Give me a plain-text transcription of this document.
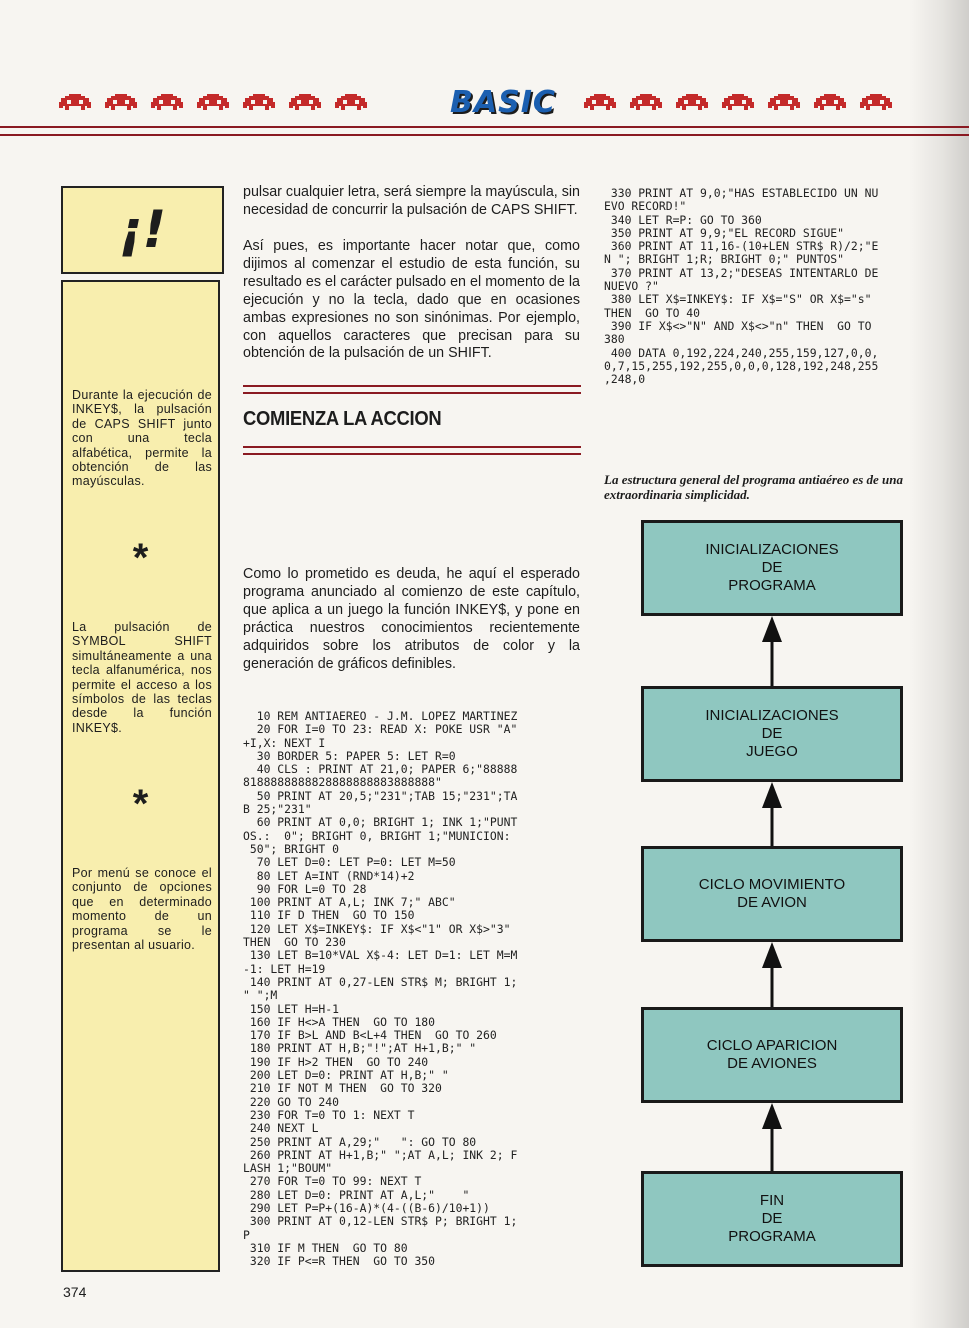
BASIC
¡!
Durante la ejecución de INKEY$, la pulsación de CAPS SHIFT junto con una tecla alfabética, permite la obtención de las mayúsculas.
*
La pulsación de SYMBOL SHIFT simultáneamente a una tecla alfanumérica, nos permite el acceso a los símbolos de las teclas desde la función INKEY$.
*
Por menú se conoce el conjunto de opciones que en determinado momento de un programa se le presentan al usuario.
pulsar cualquier letra, será siempre la mayúscula, sin necesidad de concurrir la pulsación de CAPS SHIFT.
Así pues, es importante hacer notar que, como dijimos al comenzar el estudio de esta función, su resultado es el carácter pulsado en el momento de la ejecución y no la tecla, dado que en ocasiones ambas expresiones no son sinónimas. Por ejemplo, con aquellos caracteres que precisan para su obtención de la pulsación de un SHIFT.
COMIENZA LA ACCION
Como lo prometido es deuda, he aquí el esperado programa anunciado al comienzo de este capítulo, que aplica a un juego la función INKEY$, y pone en práctica nuestros conocimientos recientemente adquiridos sobre los atributos de color y la generación de gráficos definibles.
10 REM ANTIAEREO - J.M. LOPEZ MARTINEZ
20 FOR I=0 TO 23: READ X: POKE USR "A"
+I,X: NEXT I
30 BORDER 5: PAPER 5: LET R=0
40 CLS : PRINT AT 21,0; PAPER 6;"88888
8188888888828888888883888888"
50 PRINT AT 20,5;"231";TAB 15;"231";TA
B 25;"231"
60 PRINT AT 0,0; BRIGHT 1; INK 1;"PUNT
OS.:  0"; BRIGHT 0, BRIGHT 1;"MUNICION:
50"; BRIGHT 0
70 LET D=0: LET P=0: LET M=50
80 LET A=INT (RND*14)+2
90 FOR L=0 TO 28
100 PRINT AT A,L; INK 7;" ABC"
110 IF D THEN  GO TO 150
120 LET X$=INKEY$: IF X$<"1" OR X$>"3"
THEN  GO TO 230
130 LET B=10*VAL X$-4: LET D=1: LET M=M
-1: LET H=19
140 PRINT AT 0,27-LEN STR$ M; BRIGHT 1;
" ";M
150 LET H=H-1
160 IF H<>A THEN  GO TO 180
170 IF B>L AND B<L+4 THEN  GO TO 260
180 PRINT AT H,B;"!";AT H+1,B;" "
190 IF H>2 THEN  GO TO 240
200 LET D=0: PRINT AT H,B;" "
210 IF NOT M THEN  GO TO 320
220 GO TO 240
230 FOR T=0 TO 1: NEXT T
240 NEXT L
250 PRINT AT A,29;"   ": GO TO 80
260 PRINT AT H+1,B;" ";AT A,L; INK 2; F
LASH 1;"BOUM"
270 FOR T=0 TO 99: NEXT T
280 LET D=0: PRINT AT A,L;"    "
290 LET P=P+(16-A)*(4-((B-6)/10+1))
300 PRINT AT 0,12-LEN STR$ P; BRIGHT 1;
P
310 IF M THEN  GO TO 80
320 IF P<=R THEN  GO TO 350
330 PRINT AT 9,0;"HAS ESTABLECIDO UN NU
EVO RECORD!"
340 LET R=P: GO TO 360
350 PRINT AT 9,9;"EL RECORD SIGUE"
360 PRINT AT 11,16-(10+LEN STR$ R)/2;"E
N "; BRIGHT 1;R; BRIGHT 0;" PUNTOS"
370 PRINT AT 13,2;"DESEAS INTENTARLO DE
NUEVO ?"
380 LET X$=INKEY$: IF X$="S" OR X$="s"
THEN  GO TO 40
390 IF X$<>"N" AND X$<>"n" THEN  GO TO
380
400 DATA 0,192,224,240,255,159,127,0,0,
0,7,15,255,192,255,0,0,0,128,192,248,255
,248,0
La estructura general del programa antiaéreo es de una extraordinaria simplicidad.
INICIALIZACIONES
DE
PROGRAMA
INICIALIZACIONES
DE
JUEGO
CICLO MOVIMIENTO
DE AVION
CICLO APARICION
DE AVIONES
FIN
DE
PROGRAMA
374
